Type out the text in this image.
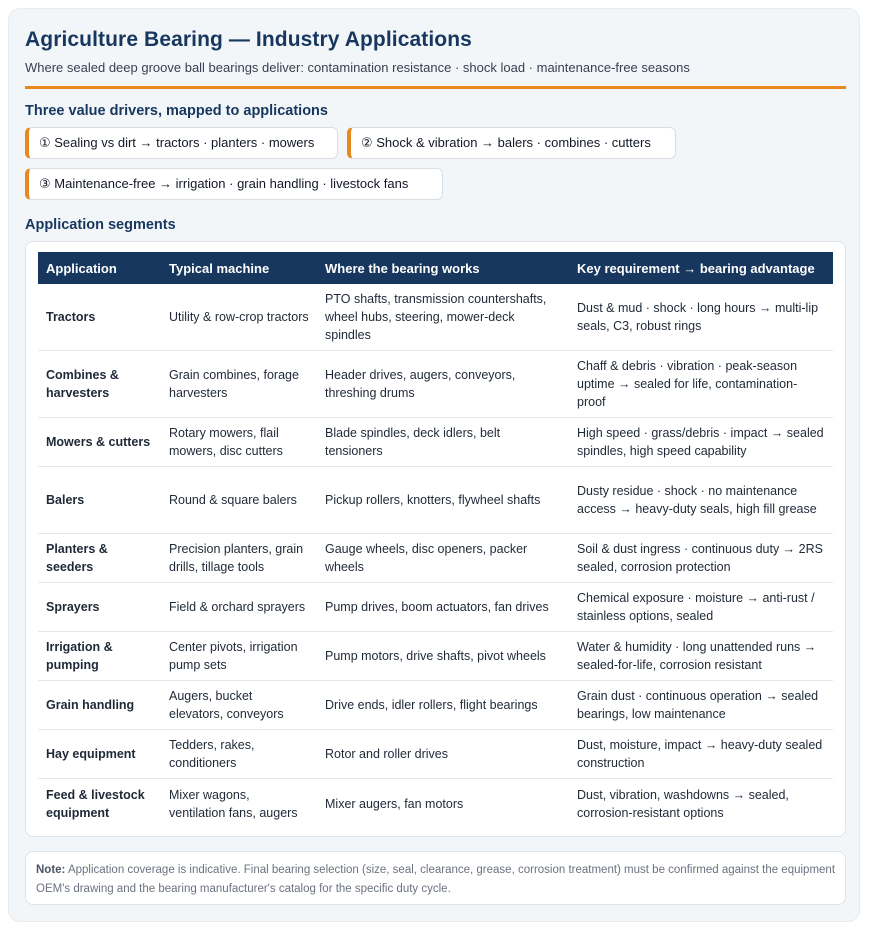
Agriculture Bearing — Industry Applications
Where sealed deep groove ball bearings deliver: contamination resistance · shock load · maintenance-free seasons
Three value drivers, mapped to applications
① Sealing vs dirt → tractors · planters · mowers	② Shock & vibration → balers · combines · cutters
③ Maintenance-free → irrigation · grain handling · livestock fans
Application segments
Application	Typical machine	Where the bearing works	Key requirement → bearing advantage
Tractors	Utility & row-crop tractors	PTO shafts, transmission countershafts, wheel hubs, steering, mower-deck spindles	Dust & mud · shock · long hours → multi-lip seals, C3, robust rings
Combines & harvesters	Grain combines, forage harvesters	Header drives, augers, conveyors, threshing drums	Chaff & debris · vibration · peak-season uptime → sealed for life, contamination-proof
Mowers & cutters	Rotary mowers, flail mowers, disc cutters	Blade spindles, deck idlers, belt tensioners	High speed · grass/debris · impact → sealed spindles, high speed capability
Balers	Round & square balers	Pickup rollers, knotters, flywheel shafts	Dusty residue · shock · no maintenance access → heavy-duty seals, high fill grease
Planters & seeders	Precision planters, grain drills, tillage tools	Gauge wheels, disc openers, packer wheels	Soil & dust ingress · continuous duty → 2RS sealed, corrosion protection
Sprayers	Field & orchard sprayers	Pump drives, boom actuators, fan drives	Chemical exposure · moisture → anti-rust / stainless options, sealed
Irrigation & pumping	Center pivots, irrigation pump sets	Pump motors, drive shafts, pivot wheels	Water & humidity · long unattended runs → sealed-for-life, corrosion resistant
Grain handling	Augers, bucket elevators, conveyors	Drive ends, idler rollers, flight bearings	Grain dust · continuous operation → sealed bearings, low maintenance
Hay equipment	Tedders, rakes, conditioners	Rotor and roller drives	Dust, moisture, impact → heavy-duty sealed construction
Feed & livestock equipment	Mixer wagons, ventilation fans, augers	Mixer augers, fan motors	Dust, vibration, washdowns → sealed, corrosion-resistant options
Note: Application coverage is indicative. Final bearing selection (size, seal, clearance, grease, corrosion treatment) must be confirmed against the equipment OEM's drawing and the bearing manufacturer's catalog for the specific duty cycle.
